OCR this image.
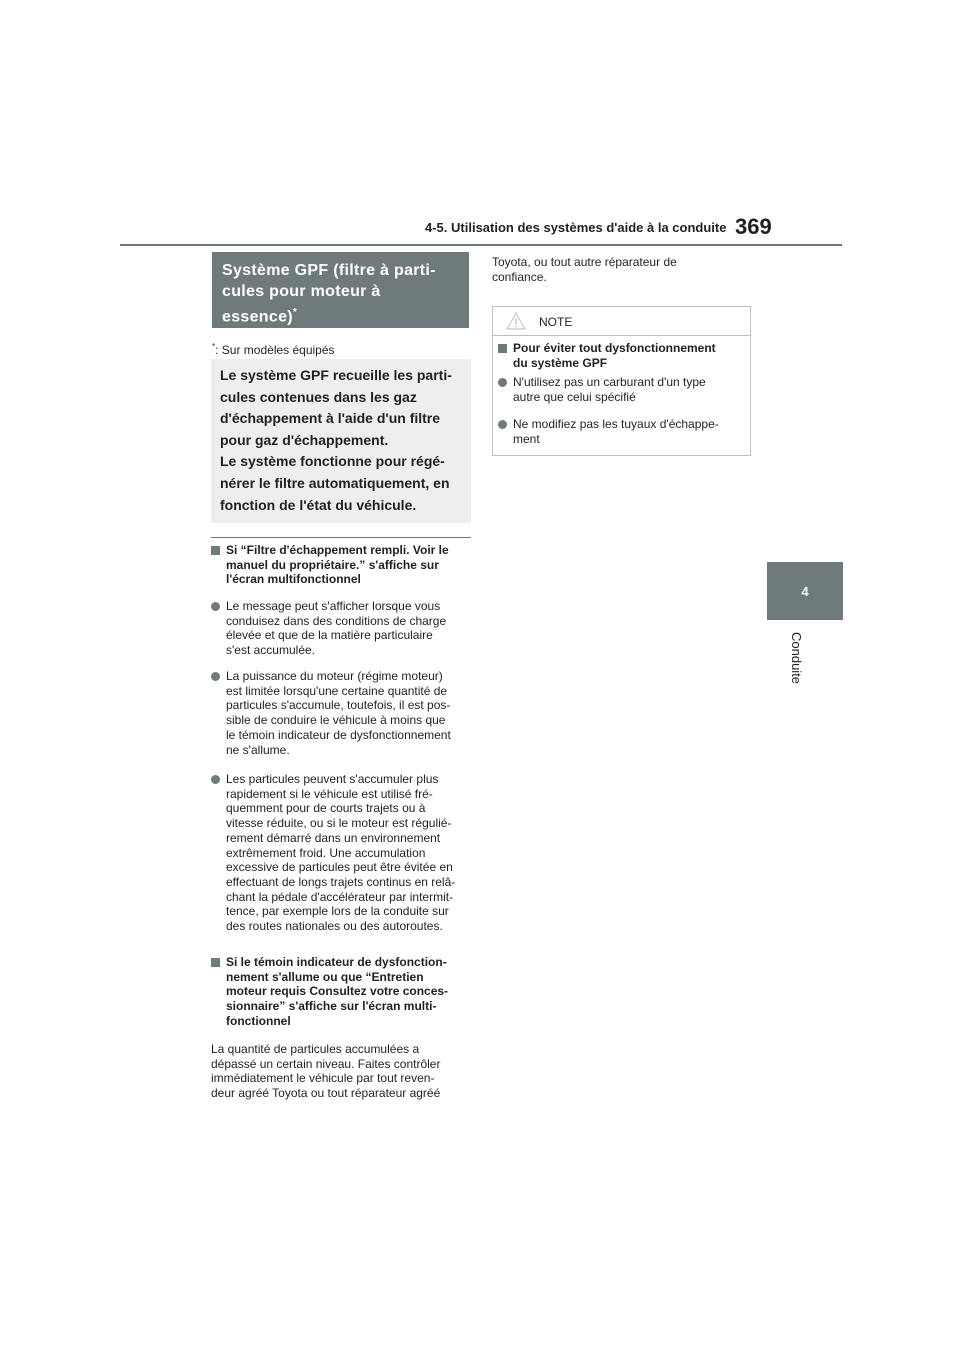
4-5. Utilisation des systèmes d'aide à la conduite 369
4
Conduite
Système GPF (filtre à parti-
cules pour moteur à
essence)*
*: Sur modèles équipés
Le système GPF recueille les parti-
cules contenues dans les gaz
d'échappement à l'aide d'un filtre
pour gaz d'échappement.
Le système fonctionne pour régé-
nérer le filtre automatiquement, en
fonction de l'état du véhicule.
Si “Filtre d'échappement rempli. Voir le
manuel du propriétaire.” s'affiche sur
l'écran multifonctionnel
Le message peut s'afficher lorsque vous
conduisez dans des conditions de charge
élevée et que de la matière particulaire
s'est accumulée.
La puissance du moteur (régime moteur)
est limitée lorsqu'une certaine quantité de
particules s'accumule, toutefois, il est pos-
sible de conduire le véhicule à moins que
le témoin indicateur de dysfonctionnement
ne s'allume.
Les particules peuvent s'accumuler plus
rapidement si le véhicule est utilisé fré-
quemment pour de courts trajets ou à
vitesse réduite, ou si le moteur est régulié-
rement démarré dans un environnement
extrêmement froid. Une accumulation
excessive de particules peut être évitée en
effectuant de longs trajets continus en relâ-
chant la pédale d'accélérateur par intermit-
tence, par exemple lors de la conduite sur
des routes nationales ou des autoroutes.
Si le témoin indicateur de dysfonction-
nement s'allume ou que “Entretien
moteur requis Consultez votre conces-
sionnaire” s'affiche sur l'écran multi-
fonctionnel
La quantité de particules accumulées a
dépassé un certain niveau. Faites contrôler
immédiatement le véhicule par tout reven-
deur agréé Toyota ou tout réparateur agréé
Toyota, ou tout autre réparateur de
confiance.
NOTE
Pour éviter tout dysfonctionnement
du système GPF
N'utilisez pas un carburant d'un type
autre que celui spécifié
Ne modifiez pas les tuyaux d'échappe-
ment
